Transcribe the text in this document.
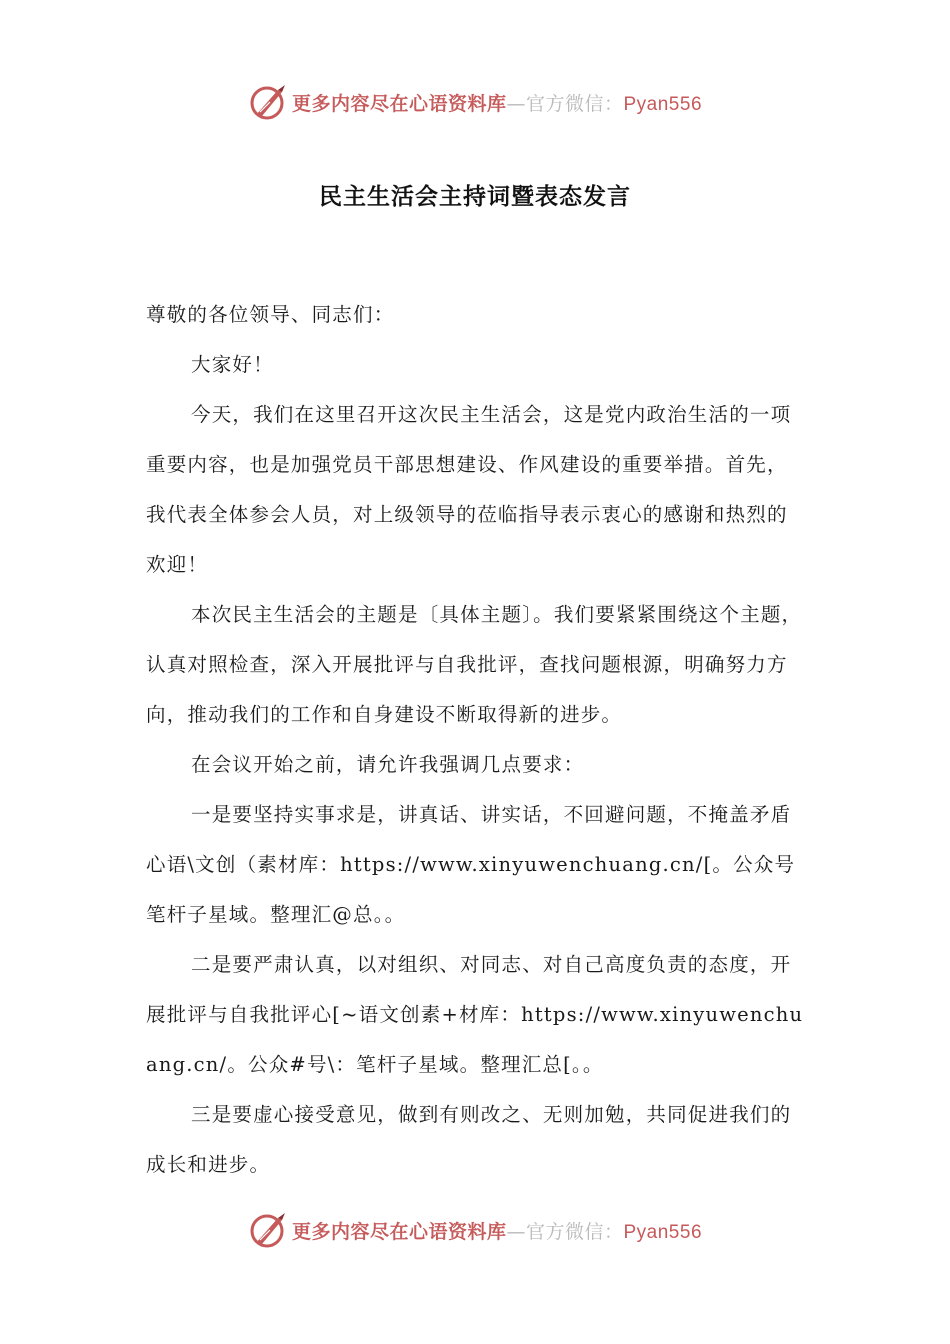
更多内容尽在心语资料库—官方微信：Pyan556
民主生活会主持词暨表态发言

尊敬的各位领导、同志们：

大家好！

今天，我们在这里召开这次民主生活会，这是党内政治生活的一项重要内容，也是加强党员干部思想建设、作风建设的重要举措。首先，我代表全体参会人员，对上级领导的莅临指导表示衷心的感谢和热烈的欢迎！

本次民主生活会的主题是〔具体主题〕。我们要紧紧围绕这个主题，认真对照检查，深入开展批评与自我批评，查找问题根源，明确努力方向，推动我们的工作和自身建设不断取得新的进步。

在会议开始之前，请允许我强调几点要求：

一是要坚持实事求是，讲真话、讲实话，不回避问题，不掩盖矛盾心语\文创（素材库：https://www.xinyuwenchuang.cn/[。公众号笔杆子星域。整理汇@总。。

二是要严肃认真，以对组织、对同志、对自己高度负责的态度，开展批评与自我批评心[~语文创素+材库：https://www.xinyuwenchuang.cn/。公众#号\：笔杆子星域。整理汇总[。。

三是要虚心接受意见，做到有则改之、无则加勉，共同促进我们的成长和进步。

更多内容尽在心语资料库—官方微信：Pyan556
